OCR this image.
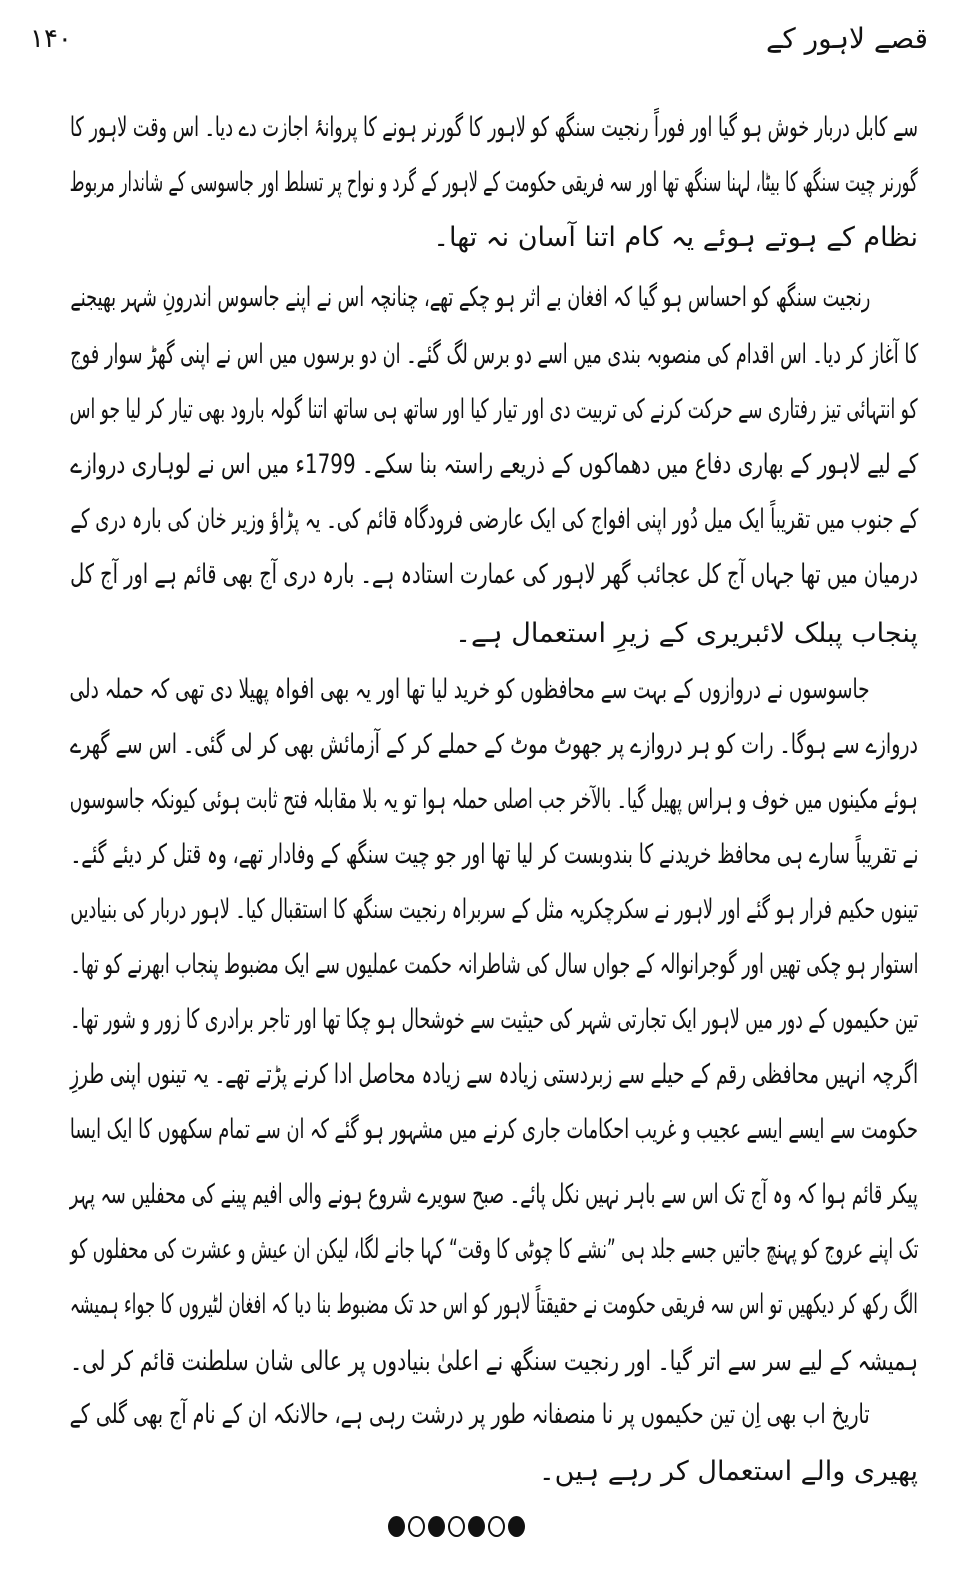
قصے لاہور کے
۱۴۰
سے کابل دربار خوش ہو گیا اور فوراً رنجیت سنگھ کو لاہور کا گورنر ہونے کا پروانۂ اجازت دے دیا۔ اس وقت لاہور کا
گورنر چیت سنگھ کا بیٹا، لہنا سنگھ تھا اور سہ فریقی حکومت کے لاہور کے گرد و نواح پر تسلط اور جاسوسی کے شاندار مربوط
نظام کے ہوتے ہوئے یہ کام اتنا آسان نہ تھا۔
رنجیت سنگھ کو احساس ہو گیا کہ افغان بے اثر ہو چکے تھے، چنانچہ اس نے اپنے جاسوس اندرونِ شہر بھیجنے
کا آغاز کر دیا۔ اس اقدام کی منصوبہ بندی میں اسے دو برس لگ گئے۔ ان دو برسوں میں اس نے اپنی گھڑ سوار فوج
کو انتہائی تیز رفتاری سے حرکت کرنے کی تربیت دی اور تیار کیا اور ساتھ ہی ساتھ اتنا گولہ بارود بھی تیار کر لیا جو اس
کے لیے لاہور کے بھاری دفاع میں دھماکوں کے ذریعے راستہ بنا سکے۔ 1799ء میں اس نے لوہاری دروازے
کے جنوب میں تقریباً ایک میل دُور اپنی افواج کی ایک عارضی فرودگاہ قائم کی۔ یہ پڑاؤ وزیر خان کی بارہ دری کے
درمیان میں تھا جہاں آج کل عجائب گھر لاہور کی عمارت استادہ ہے۔ بارہ دری آج بھی قائم ہے اور آج کل
پنجاب پبلک لائبریری کے زیرِ استعمال ہے۔
جاسوسوں نے دروازوں کے بہت سے محافظوں کو خرید لیا تھا اور یہ بھی افواہ پھیلا دی تھی کہ حملہ دلی
دروازے سے ہوگا۔ رات کو ہر دروازے پر جھوٹ موٹ کے حملے کر کے آزمائش بھی کر لی گئی۔ اس سے گھرے
ہوئے مکینوں میں خوف و ہراس پھیل گیا۔ بالآخر جب اصلی حملہ ہوا تو یہ بلا مقابلہ فتح ثابت ہوئی کیونکہ جاسوسوں
نے تقریباً سارے ہی محافظ خریدنے کا بندوبست کر لیا تھا اور جو چیت سنگھ کے وفادار تھے، وہ قتل کر دیئے گئے۔
تینوں حکیم فرار ہو گئے اور لاہور نے سکرچکریہ مثل کے سربراہ رنجیت سنگھ کا استقبال کیا۔ لاہور دربار کی بنیادیں
استوار ہو چکی تھیں اور گوجرانوالہ کے جواں سال کی شاطرانہ حکمت عملیوں سے ایک مضبوط پنجاب ابھرنے کو تھا۔
تین حکیموں کے دور میں لاہور ایک تجارتی شہر کی حیثیت سے خوشحال ہو چکا تھا اور تاجر برادری کا زور و شور تھا۔
اگرچہ انہیں محافظی رقم کے حیلے سے زبردستی زیادہ سے زیادہ محاصل ادا کرنے پڑتے تھے۔ یہ تینوں اپنی طرزِ
حکومت سے ایسے ایسے عجیب و غریب احکامات جاری کرنے میں مشہور ہو گئے کہ ان سے تمام سکھوں کا ایک ایسا
پیکر قائم ہوا کہ وہ آج تک اس سے باہر نہیں نکل پائے۔ صبح سویرے شروع ہونے والی افیم پینے کی محفلیں سہ پہر
تک اپنے عروج کو پہنچ جاتیں جسے جلد ہی ”نشے کا چوٹی کا وقت“ کہا جانے لگا، لیکن ان عیش و عشرت کی محفلوں کو
الگ رکھ کر دیکھیں تو اس سہ فریقی حکومت نے حقیقتاً لاہور کو اس حد تک مضبوط بنا دیا کہ افغان لٹیروں کا جواء ہمیشہ
ہمیشہ کے لیے سر سے اتر گیا۔ اور رنجیت سنگھ نے اعلیٰ بنیادوں پر عالی شان سلطنت قائم کر لی۔
تاریخ اب بھی اِن تین حکیموں پر نا منصفانہ طور پر درشت رہی ہے، حالانکہ ان کے نام آج بھی گلی کے
پھیری والے استعمال کر رہے ہیں۔
